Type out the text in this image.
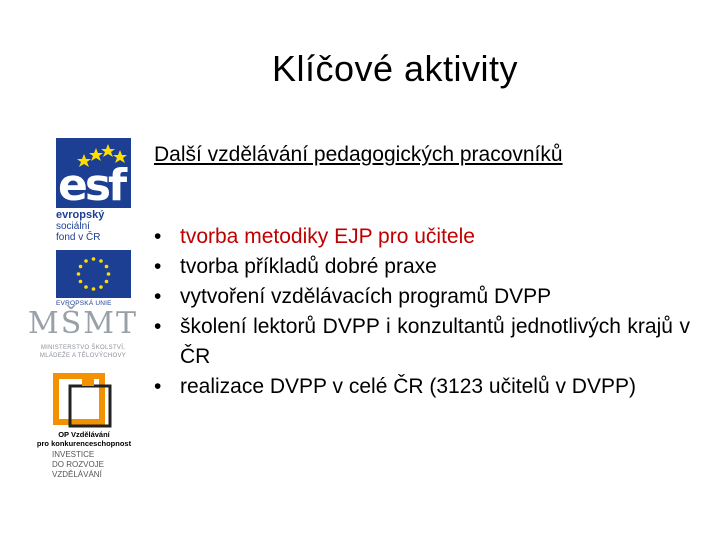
Klíčové aktivity
Další vzdělávání pedagogických pracovníků
• tvorba metodiky EJP pro učitele
• tvorba příkladů dobré praxe
• vytvoření vzdělávacích programů DVPP
• školení lektorů DVPP i konzultantů jednotlivých krajů v ČR
• realizace DVPP v celé ČR (3123 učitelů v DVPP)
esf
evropský
sociální
fond v ČR
EVROPSKÁ UNIE
MŠMT
MINISTERSTVO ŠKOLSTVÍ,
MLÁDEŽE A TĚLOVÝCHOVY
OP Vzdělávání
pro konkurenceschopnost
INVESTICE
DO ROZVOJE
VZDĚLÁVÁNÍ
